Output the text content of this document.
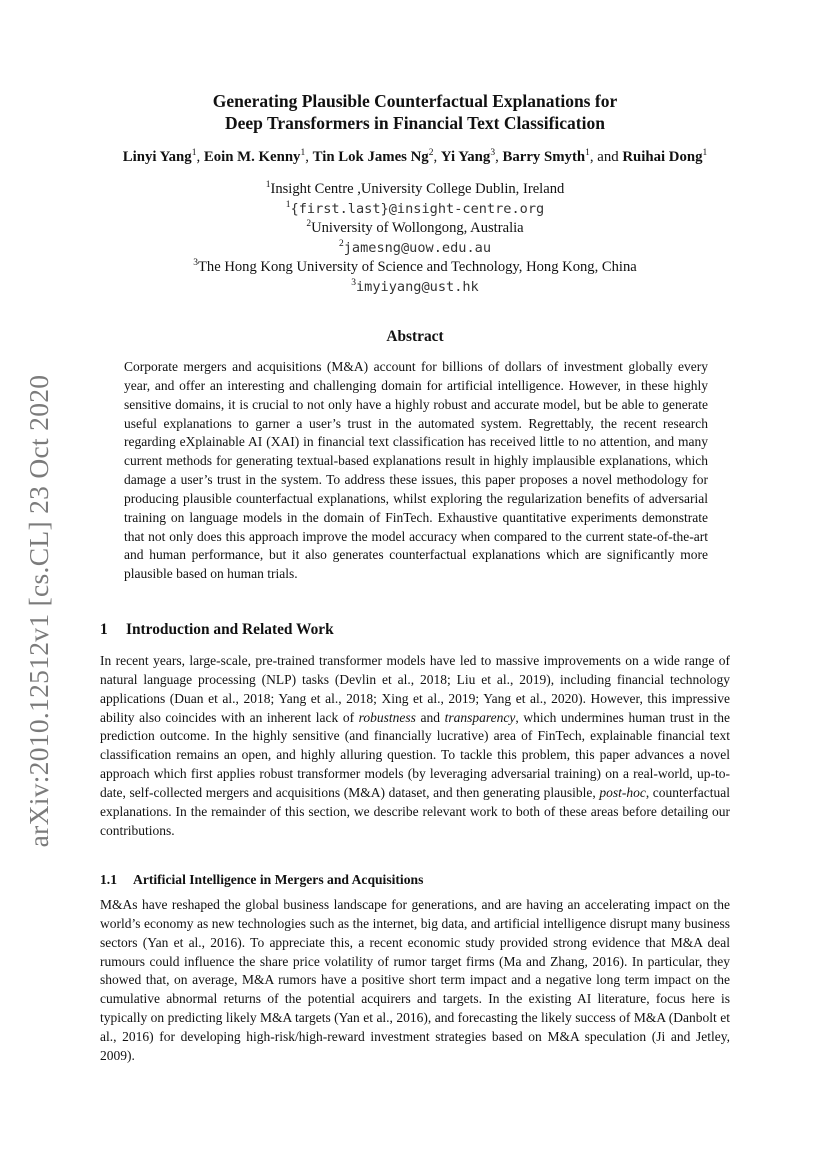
arXiv:2010.12512v1 [cs.CL] 23 Oct 2020
Generating Plausible Counterfactual Explanations for
Deep Transformers in Financial Text Classification
Linyi Yang$^1$, Eoin M. Kenny$^1$, Tin Lok James Ng$^2$, Yi Yang$^3$, Barry Smyth$^1$, and Ruihai Dong$^1$
$^1$Insight Centre ,University College Dublin, Ireland
$^1${first.last}@insight-centre.org
$^2$University of Wollongong, Australia
$^2$jamesng@uow.edu.au
$^3$The Hong Kong University of Science and Technology, Hong Kong, China
$^3$imyiyang@ust.hk
Abstract
Corporate mergers and acquisitions (M&A) account for billions of dollars of investment globally every year, and offer an interesting and challenging domain for artificial intelligence. However, in these highly sensitive domains, it is crucial to not only have a highly robust and accurate model, but be able to generate useful explanations to garner a user’s trust in the automated system. Regrettably, the recent research regarding eXplainable AI (XAI) in financial text classification has received little to no attention, and many current methods for generating textual-based explanations result in highly implausible explanations, which damage a user’s trust in the system. To address these issues, this paper proposes a novel methodology for producing plausible counterfactual explanations, whilst exploring the regularization benefits of adversarial training on language models in the domain of FinTech. Exhaustive quantitative experiments demonstrate that not only does this approach improve the model accuracy when compared to the current state-of-the-art and human performance, but it also generates counterfactual explanations which are significantly more plausible based on human trials.
1 Introduction and Related Work
In recent years, large-scale, pre-trained transformer models have led to massive improvements on a wide range of natural language processing (NLP) tasks (Devlin et al., 2018; Liu et al., 2019), including financial technology applications (Duan et al., 2018; Yang et al., 2018; Xing et al., 2019; Yang et al., 2020). However, this impressive ability also coincides with an inherent lack of robustness and transparency, which undermines human trust in the prediction outcome. In the highly sensitive (and financially lucrative) area of FinTech, explainable financial text classification remains an open, and highly alluring question. To tackle this problem, this paper advances a novel approach which first applies robust transformer models (by leveraging adversarial training) on a real-world, up-to-date, self-collected mergers and acquisitions (M&A) dataset, and then generating plausible, post-hoc, counterfactual explanations. In the remainder of this section, we describe relevant work to both of these areas before detailing our contributions.
1.1 Artificial Intelligence in Mergers and Acquisitions
M&As have reshaped the global business landscape for generations, and are having an accelerating impact on the world’s economy as new technologies such as the internet, big data, and artificial intelligence disrupt many business sectors (Yan et al., 2016). To appreciate this, a recent economic study provided strong evidence that M&A deal rumours could influence the share price volatility of rumor target firms (Ma and Zhang, 2016). In particular, they showed that, on average, M&A rumors have a positive short term impact and a negative long term impact on the cumulative abnormal returns of the potential acquirers and targets. In the existing AI literature, focus here is typically on predicting likely M&A targets (Yan et al., 2016), and forecasting the likely success of M&A (Danbolt et al., 2016) for developing high-risk/high-reward investment strategies based on M&A speculation (Ji and Jetley, 2009).
